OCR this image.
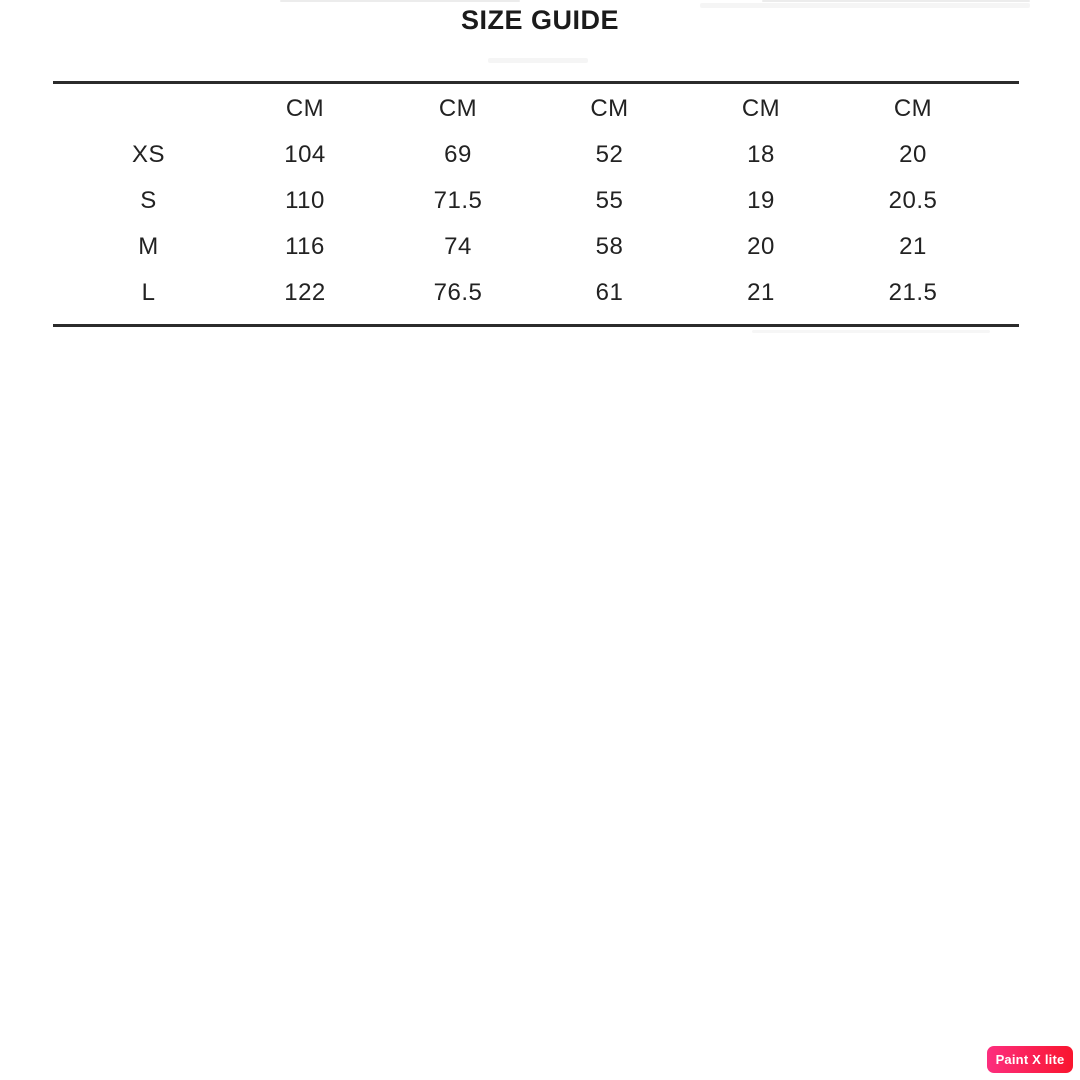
SIZE GUIDE
	CM	CM	CM	CM	CM
XS	104	69	52	18	20
S	110	71.5	55	19	20.5
M	116	74	58	20	21
L	122	76.5	61	21	21.5
Paint X lite
